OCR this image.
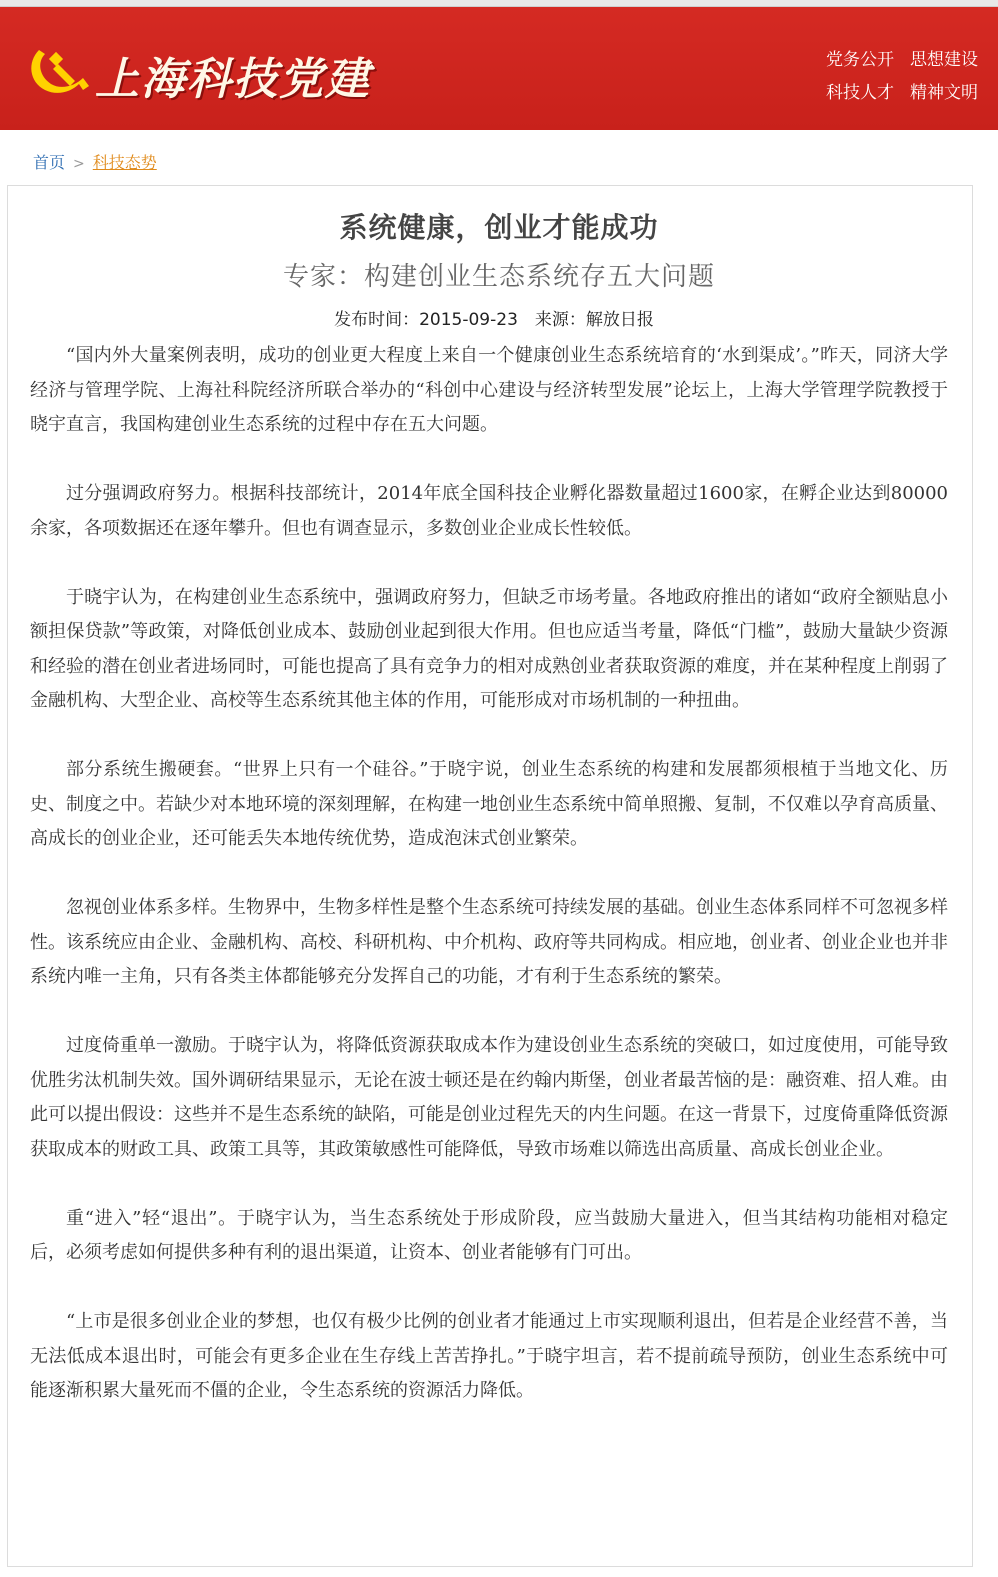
上海科技党建	党务公开 思想建设科技人才 精神文明
首页 > 科技态势
系统健康，创业才能成功
专家：构建创业生态系统存五大问题
发布时间：2015-09-23　来源：解放日报

“国内外大量案例表明，成功的创业更大程度上来自一个健康创业生态系统培育的‘水到渠成’。”昨天，同济大学经济与管理学院、上海社科院经济所联合举办的“科创中心建设与经济转型发展”论坛上，上海大学管理学院教授于晓宇直言，我国构建创业生态系统的过程中存在五大问题。

过分强调政府努力。根据科技部统计，2014年底全国科技企业孵化器数量超过1600家，在孵企业达到80000余家，各项数据还在逐年攀升。但也有调查显示，多数创业企业成长性较低。

于晓宇认为，在构建创业生态系统中，强调政府努力，但缺乏市场考量。各地政府推出的诸如“政府全额贴息小额担保贷款”等政策，对降低创业成本、鼓励创业起到很大作用。但也应适当考量，降低“门槛”，鼓励大量缺少资源和经验的潜在创业者进场同时，可能也提高了具有竞争力的相对成熟创业者获取资源的难度，并在某种程度上削弱了金融机构、大型企业、高校等生态系统其他主体的作用，可能形成对市场机制的一种扭曲。

部分系统生搬硬套。“世界上只有一个硅谷。”于晓宇说，创业生态系统的构建和发展都须根植于当地文化、历史、制度之中。若缺少对本地环境的深刻理解，在构建一地创业生态系统中简单照搬、复制，不仅难以孕育高质量、高成长的创业企业，还可能丢失本地传统优势，造成泡沫式创业繁荣。

忽视创业体系多样。生物界中，生物多样性是整个生态系统可持续发展的基础。创业生态体系同样不可忽视多样性。该系统应由企业、金融机构、高校、科研机构、中介机构、政府等共同构成。相应地，创业者、创业企业也并非系统内唯一主角，只有各类主体都能够充分发挥自己的功能，才有利于生态系统的繁荣。

过度倚重单一激励。于晓宇认为，将降低资源获取成本作为建设创业生态系统的突破口，如过度使用，可能导致优胜劣汰机制失效。国外调研结果显示，无论在波士顿还是在约翰内斯堡，创业者最苦恼的是：融资难、招人难。由此可以提出假设：这些并不是生态系统的缺陷，可能是创业过程先天的内生问题。在这一背景下，过度倚重降低资源获取成本的财政工具、政策工具等，其政策敏感性可能降低，导致市场难以筛选出高质量、高成长创业企业。

重“进入”轻“退出”。于晓宇认为，当生态系统处于形成阶段，应当鼓励大量进入，但当其结构功能相对稳定后，必须考虑如何提供多种有利的退出渠道，让资本、创业者能够有门可出。

“上市是很多创业企业的梦想，也仅有极少比例的创业者才能通过上市实现顺利退出，但若是企业经营不善，当无法低成本退出时，可能会有更多企业在生存线上苦苦挣扎。”于晓宇坦言，若不提前疏导预防，创业生态系统中可能逐渐积累大量死而不僵的企业，令生态系统的资源活力降低。
